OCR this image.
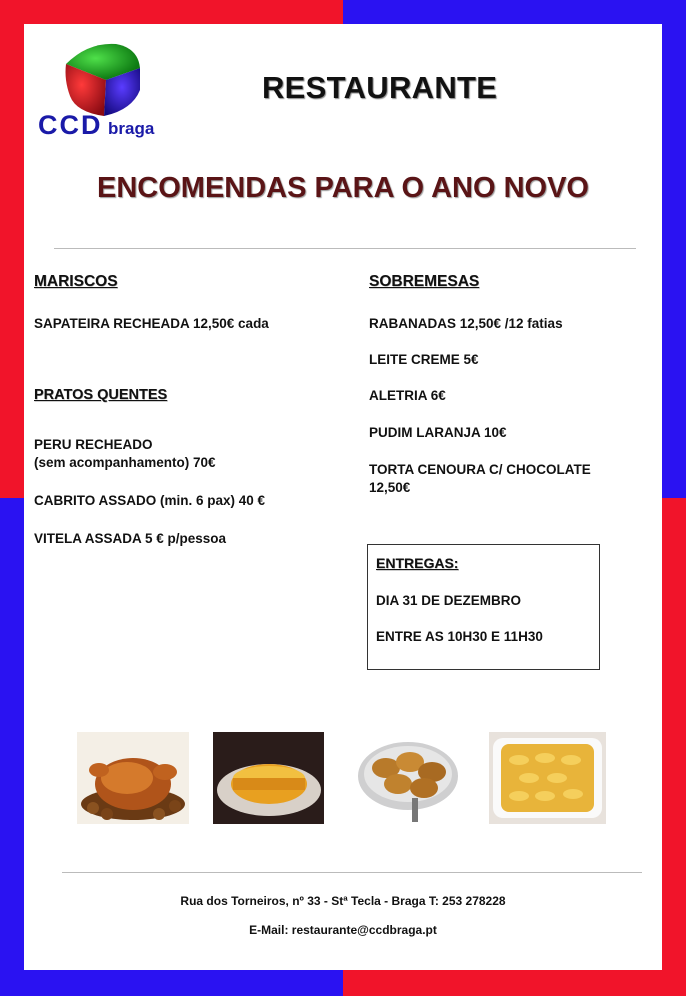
CCD braga
RESTAURANTE
ENCOMENDAS PARA O ANO NOVO
MARISCOS
SAPATEIRA RECHEADA 12,50€ cada
PRATOS QUENTES
PERU RECHEADO
(sem acompanhamento) 70€
CABRITO ASSADO (min. 6 pax) 40 €
VITELA ASSADA 5 € p/pessoa
SOBREMESAS
RABANADAS 12,50€ /12 fatias
LEITE CREME 5€
ALETRIA 6€
PUDIM LARANJA 10€
TORTA CENOURA C/ CHOCOLATE
12,50€
ENTREGAS:
DIA 31 DE DEZEMBRO
ENTRE AS 10H30 E 11H30
Rua dos Torneiros, nº 33 - Stª Tecla - Braga T: 253 278228
E-Mail: restaurante@ccdbraga.pt
